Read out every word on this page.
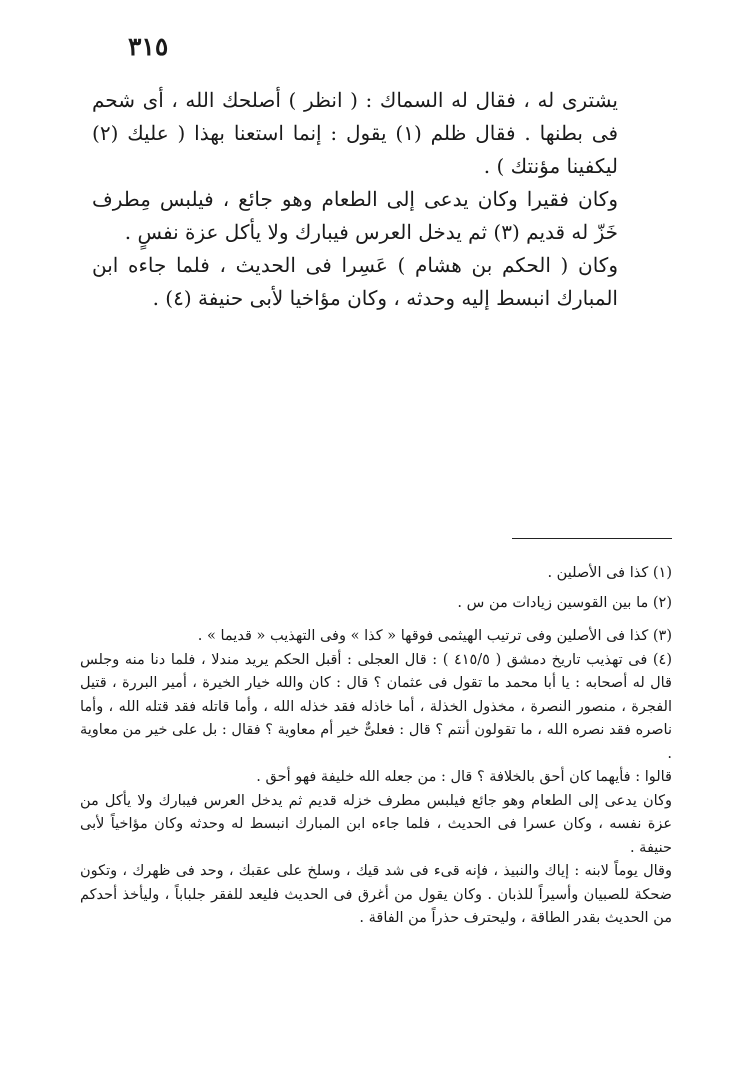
٣١٥

يشترى له ، فقال له السماك : ( انظر ) أصلحك الله ، أى شحم فى بطنها . فقال ظلم (١) يقول : إنما استعنا بهذا ( عليك (٢) ليكفينا مؤنتك ) .

وكان فقيرا وكان يدعى إلى الطعام وهو جائع ، فيلبس مِطرف خَزّ له قديم (٣) ثم يدخل العرس فيبارك ولا يأكل عزة نفسٍ .

وكان ( الحكم بن هشام ) عَسِرا فى الحديث ، فلما جاءه ابن المبارك انبسط إليه وحدثه ، وكان مؤاخيا لأبى حنيفة (٤) .

(١) كذا فى الأصلين .

(٢) ما بين القوسين زيادات من س .

(٣) كذا فى الأصلين وفى ترتيب الهيثمى فوقها « كذا » وفى التهذيب « قديما » .

(٤) فى تهذيب تاريخ دمشق ( ٤١٥/٥ ) : قال العجلى : أقبل الحكم يريد مندلا ، فلما دنا منه وجلس قال له أصحابه : يا أبا محمد ما تقول فى عثمان ؟ قال : كان والله خيار الخيرة ، أمير البررة ، قتيل الفجرة ، منصور النصرة ، مخذول الخذلة ، أما خاذله فقد خذله الله ، وأما قاتله فقد قتله الله ، وأما ناصره فقد نصره الله ، ما تقولون أنتم ؟ قال : فعلىٌّ خير أم معاوية ؟ فقال : بل على خير من معاوية .

قالوا : فأيهما كان أحق بالخلافة ؟ قال : من جعله الله خليفة فهو أحق .

وكان يدعى إلى الطعام وهو جائع فيلبس مطرف خزله قديم ثم يدخل العرس فيبارك ولا يأكل من عزة نفسه ، وكان عسرا فى الحديث ، فلما جاءه ابن المبارك انبسط له وحدثه وكان مؤاخياً لأبى حنيفة .

وقال يوماً لابنه : إياك والنبيذ ، فإنه قىء فى شد قيك ، وسلخ على عقبك ، وحد فى ظهرك ، وتكون ضحكة للصبيان وأسيراً للذبان . وكان يقول من أغرق فى الحديث فليعد للفقر جلباباً ، وليأخذ أحدكم من الحديث بقدر الطاقة ، وليحترف حذراً من الفاقة .
